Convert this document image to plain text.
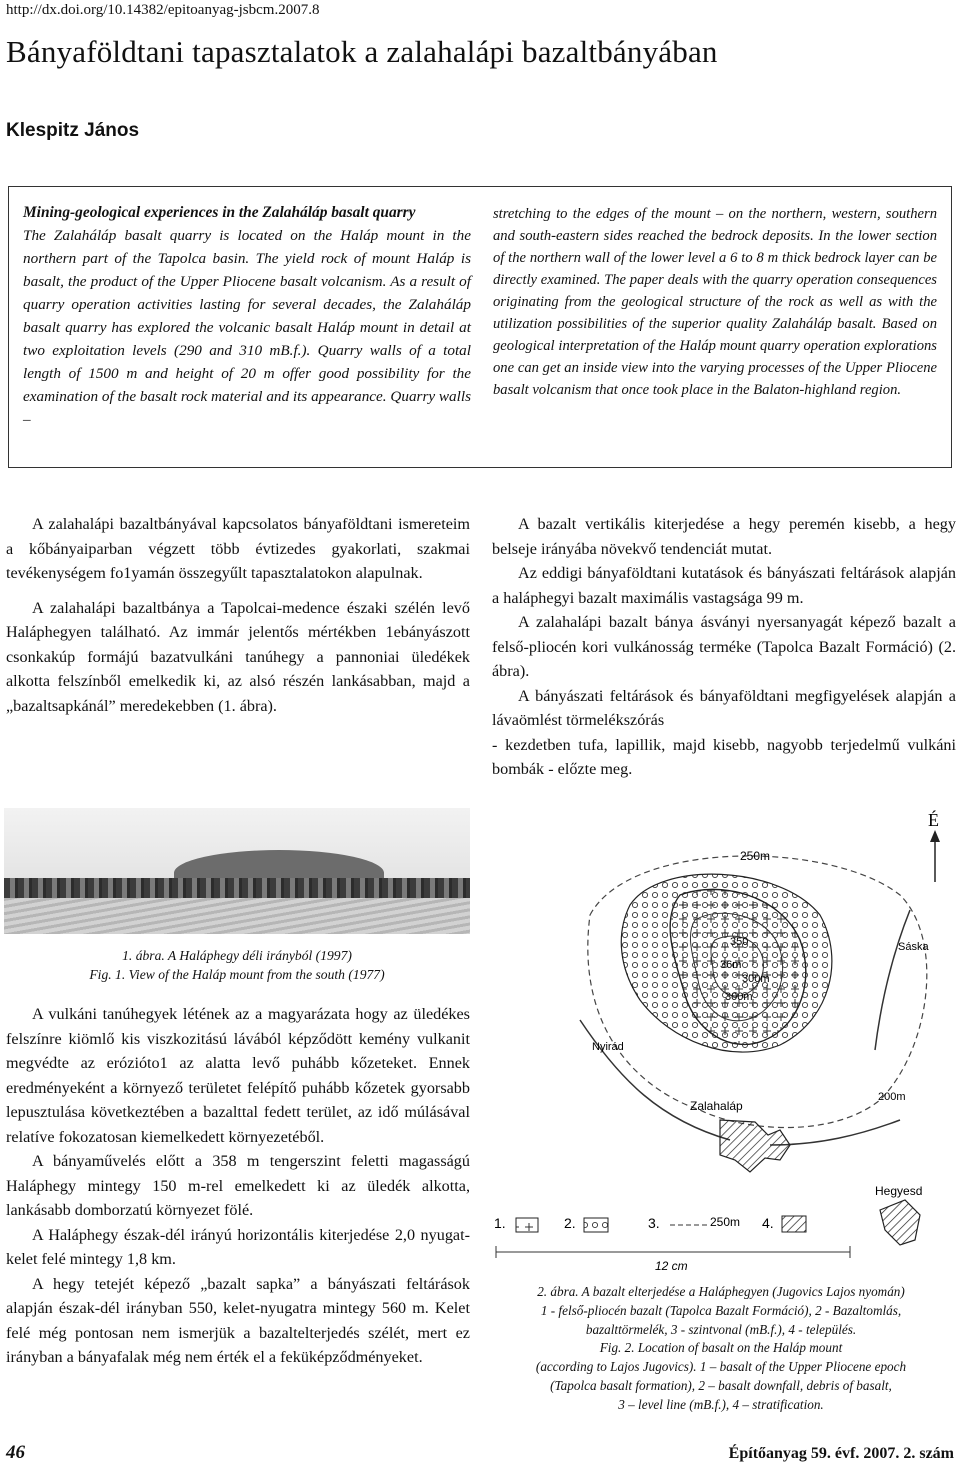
http://dx.doi.org/10.14382/epitoanyag-jsbcm.2007.8
Bányaföldtani tapasztalatok a zalahalápi bazaltbányában
Klespitz János

Mining-geological experiences in the Zalaháláp basalt quarry

The Zalaháláp basalt quarry is located on the Haláp mount in the northern part of the Tapolca basin. The yield rock of mount Haláp is basalt, the product of the Upper Pliocene basalt volcanism. As a result of quarry operation activities lasting for several decades, the Zalaháláp basalt quarry has explored the volcanic basalt Haláp mount in detail at two exploitation levels (290 and 310 mB.f.). Quarry walls of a total length of 1500 m and height of 20 m offer good possibility for the examination of the basalt rock material and its appearance. Quarry walls –

stretching to the edges of the mount – on the northern, western, southern and south-eastern sides reached the bedrock deposits. In the lower section of the northern wall of the lower level a 6 to 8 m thick bedrock layer can be directly examined. The paper deals with the quarry operation consequences originating from the geological structure of the rock as well as with the utilization possibilities of the superior quality Zalaháláp basalt. Based on geological interpretation of the Haláp mount quarry operation explorations one can get an inside view into the varying processes of the Upper Pliocene basalt volcanism that once took place in the Balaton-highland region.

A zalahalápi bazaltbányával kapcsolatos bányaföldtani ismereteim a kőbányaiparban végzett több évtizedes gyakorlati, szakmai tevékenységem fo1yamán összegyűlt tapasztalatokon alapulnak.

A zalahalápi bazaltbánya a Tapolcai-medence északi szélén levő Haláphegyen található. Az immár jelentős mértékben 1ebányászott csonkakúp formájú bazatvulkáni tanúhegy a pannoniai üledékek alkotta felszínből emelkedik ki, az alsó részén lankásabban, majd a „bazaltsapkánál” meredekebben (1. ábra).

A bazalt vertikális kiterjedése a hegy peremén kisebb, a hegy belseje irányába növekvő tendenciát mutat.

Az eddigi bányaföldtani kutatások és bányászati feltárások alapján a haláphegyi bazalt maximális vastagsága 99 m.

A zalahalápi bazalt bánya ásványi nyersanyagát képező bazalt a felső-pliocén kori vulkánosság terméke (Tapolca Bazalt Formáció) (2. ábra).

A bányászati feltárások és bányaföldtani megfigyelések alapján a lávaömlést törmelékszórás

- kezdetben tufa, lapillik, majd kisebb, nagyobb terjedelmű vulkáni bombák - előzte meg.

1. ábra. A Haláphegy déli irányból (1997)
Fig. 1. View of the Haláp mount from the south (1977)

A vulkáni tanúhegyek létének az a magyarázata hogy az üledékes felszínre kiömlő kis viszkozitású lávából képződött kemény vulkanit megvédte az erózióto1 az alatta levő puhább kőzeteket. Ennek eredményeként a környező területet felépítő puhább kőzetek gyorsabb lepusztulása következtében a bazalttal fedett terület, az idő múlásával relatíve fokozatosan kiemelkedett környezetéből.

A bányaművelés előtt a 358 m tengerszint feletti magasságú Haláphegy mintegy 150 m-rel emelkedett ki az üledék alkotta, lankásabb domborzatú környezet fölé.

A Haláphegy észak-dél irányú horizontális kiterjedése 2,0 nyugat-kelet felé mintegy 1,8 km.

A hegy tetejét képező „bazalt sapka” a bányászati feltárások alapján észak-dél irányban 550, kelet-nyugatra mintegy 560 m. Kelet felé még pontosan nem ismerjük a bazaltelterjedés szélét, mert ez irányban a bányafalak még nem érték el a feküképződményeket.

É
250m
300m
350
36m
300m
200m
Sáska
Nyirád
Zalahaláp
Hegyesd
1.	2.	3.	250m 4.
12 cm
2. ábra. A bazalt elterjedése a Haláphegyen (Jugovics Lajos nyomán)
1 - felső-pliocén bazalt (Tapolca Bazalt Formáció), 2 - Bazaltomlás,
bazalttörmelék, 3 - szintvonal (mB.f.), 4 - település.
Fig. 2. Location of basalt on the Haláp mount
(according to Lajos Jugovics). 1 – basalt of the Upper Pliocene epoch
(Tapolca basalt formation), 2 – basalt downfall, debris of basalt,
3 – level line (mB.f.), 4 – stratification.
46	Építőanyag 59. évf. 2007. 2. szám
